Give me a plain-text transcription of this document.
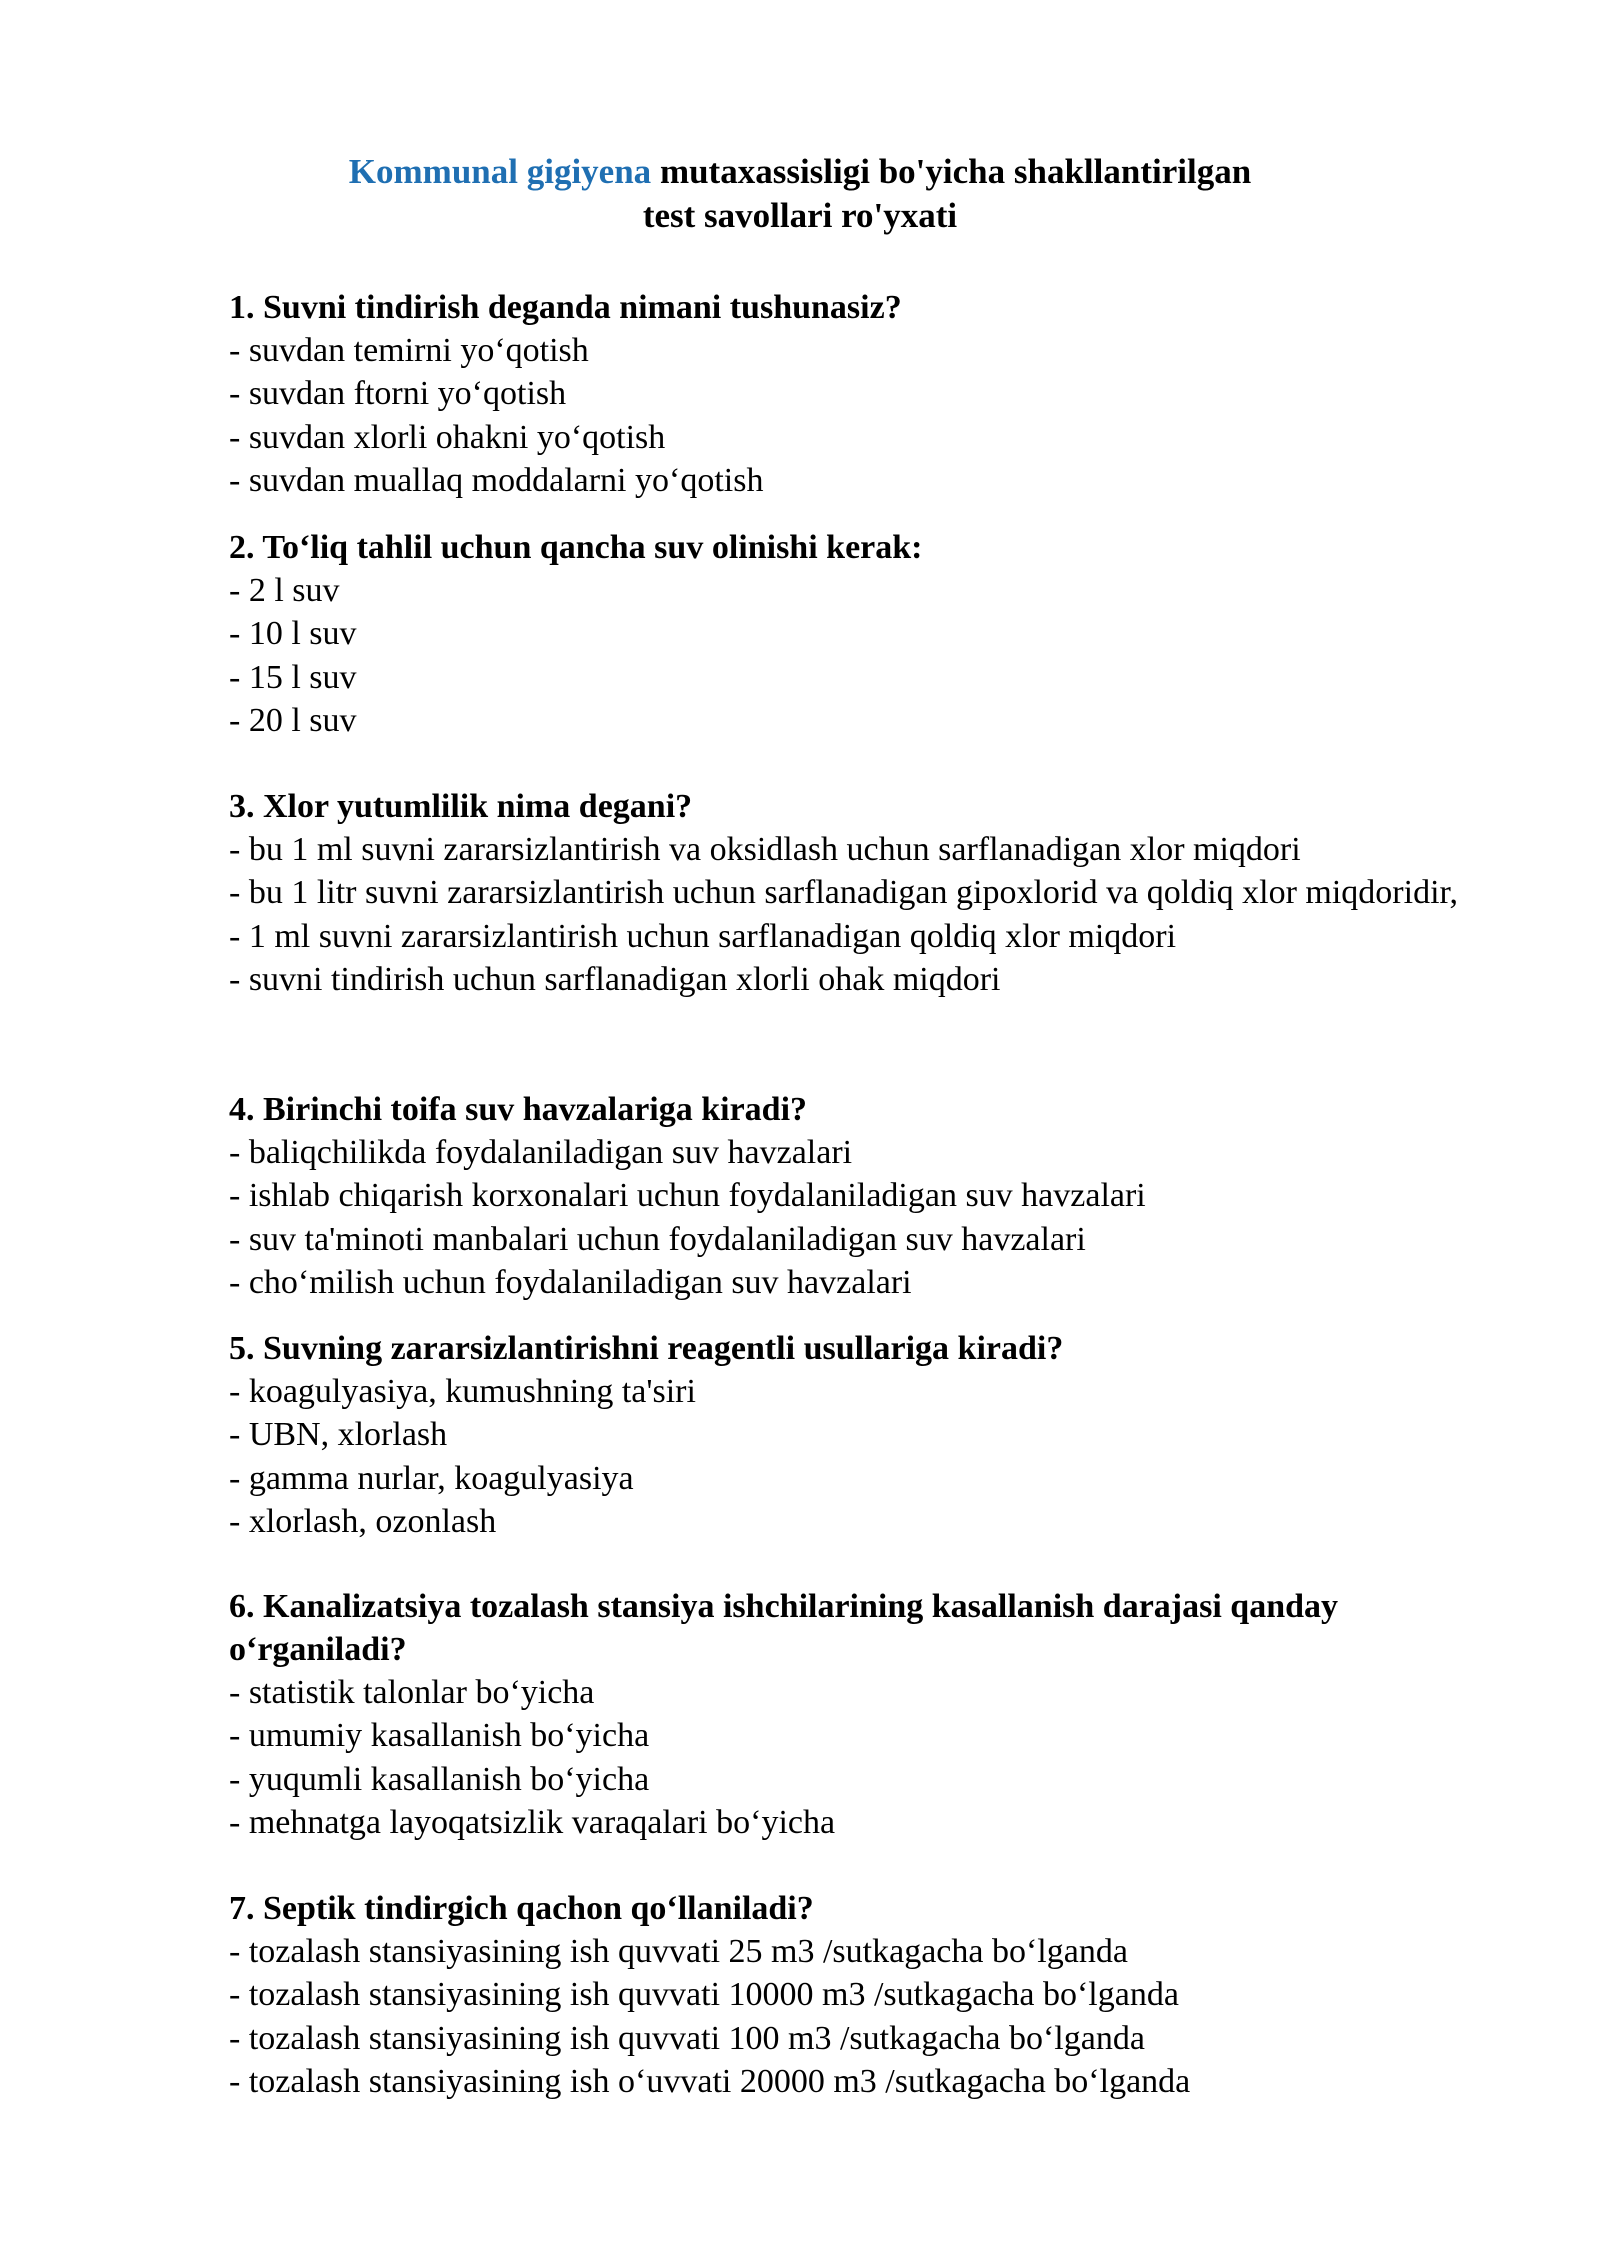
Kommunal gigiyena mutaxassisligi bo'yicha shakllantirilgan
test savollari ro'yxati

1. Suvni tindirish deganda nimani tushunasiz?

- suvdan temirni yo‘qotish
- suvdan ftorni yo‘qotish
- suvdan xlorli ohakni yo‘qotish
- suvdan muallaq moddalarni yo‘qotish

2. To‘liq tahlil uchun qancha suv olinishi kerak:

- 2 l suv
- 10 l suv
- 15 l suv
- 20 l suv

3. Xlor yutumlilik nima degani?

- bu 1 ml suvni zararsizlantirish va oksidlash uchun sarflanadigan xlor miqdori
- bu 1 litr suvni zararsizlantirish uchun sarflanadigan gipoxlorid va qoldiq xlor miqdoridir,
- 1 ml suvni zararsizlantirish uchun sarflanadigan qoldiq xlor miqdori
- suvni tindirish uchun sarflanadigan xlorli ohak miqdori

4. Birinchi toifa suv havzalariga kiradi?

- baliqchilikda foydalaniladigan suv havzalari
- ishlab chiqarish korxonalari uchun foydalaniladigan suv havzalari
- suv ta'minoti manbalari uchun foydalaniladigan suv havzalari
- cho‘milish uchun foydalaniladigan suv havzalari

5. Suvning zararsizlantirishni reagentli usullariga kiradi?

- koagulyasiya, kumushning ta'siri
- UBN, xlorlash
- gamma nurlar, koagulyasiya
- xlorlash, ozonlash

6. Kanalizatsiya tozalash stansiya ishchilarining kasallanish darajasi qanday o‘rganiladi?

- statistik talonlar bo‘yicha
- umumiy kasallanish bo‘yicha
- yuqumli kasallanish bo‘yicha
- mehnatga layoqatsizlik varaqalari bo‘yicha

7. Septik tindirgich qachon qo‘llaniladi?

- tozalash stansiyasining ish quvvati 25 m3 /sutkagacha bo‘lganda
- tozalash stansiyasining ish quvvati 10000 m3 /sutkagacha bo‘lganda
- tozalash stansiyasining ish quvvati 100 m3 /sutkagacha bo‘lganda
- tozalash stansiyasining ish o‘uvvati 20000 m3 /sutkagacha bo‘lganda
